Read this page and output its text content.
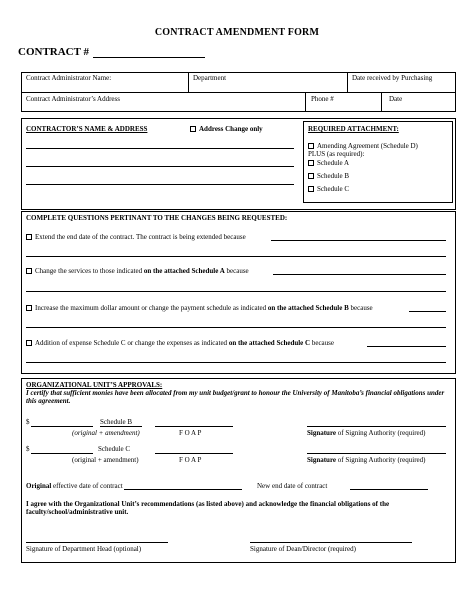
CONTRACT AMENDMENT FORM
CONTRACT #
Contract Administrator Name:	Department	Date received by Purchasing
Contract Administrator’s Address	Phone #	Date
CONTRACTOR’S NAME & ADDRESS	Address Change only	REQUIRED ATTACHMENT:
Amending Agreement (Schedule D)
PLUS (as required):
Schedule A
Schedule B
Schedule C
COMPLETE QUESTIONS PERTINANT TO THE CHANGES BEING REQUESTED:
Extend the end date of the contract. The contract is being extended because
Change the services to those indicated on the attached Schedule A because
Increase the maximum dollar amount or change the payment schedule as indicated on the attached Schedule B because
Addition of expense Schedule C or change the expenses as indicated on the attached Schedule C because
ORGANIZATIONAL UNIT’S APPROVALS:
I certify that sufficient monies have been allocated from my unit budget/grant to honour the University of Manitoba’s financial obligations under this agreement.
$	Schedule B
(original + amendment)	F O A P	Signature of Signing Authority (required)
$	Schedule C
(original + amendment)	F O A P	Signature of Signing Authority (required)
Original effective date of contract	New end date of contract
I agree with the Organizational Unit’s recommendations (as listed above) and acknowledge the financial obligations of the faculty/school/administrative unit.
Signature of Department Head (optional)	Signature of Dean/Director (required)
